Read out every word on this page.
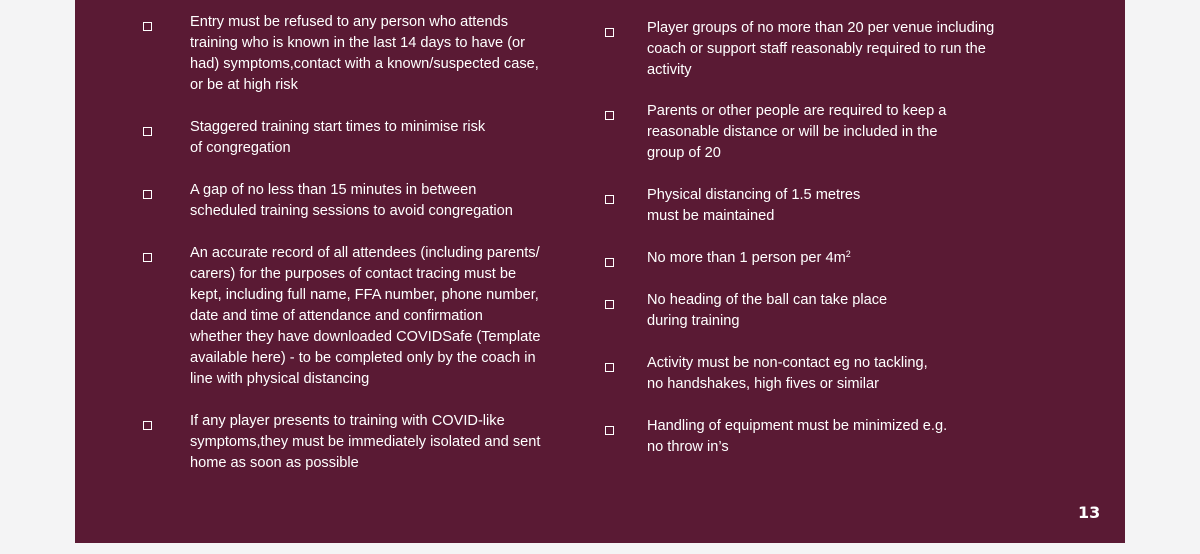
Entry must be refused to any person who attends
training who is known in the last 14 days to have (or
had) symptoms,contact with a known/suspected case,
or be at high risk
Staggered training start times to minimise risk
of congregation
A gap of no less than 15 minutes in between
scheduled training sessions to avoid congregation
An accurate record of all attendees (including parents/
carers) for the purposes of contact tracing must be
kept, including full name, FFA number, phone number,
date and time of attendance and confirmation
whether they have downloaded COVIDSafe (Template
available here) - to be completed only by the coach in
line with physical distancing
If any player presents to training with COVID-like
symptoms,they must be immediately isolated and sent
home as soon as possible
Player groups of no more than 20 per venue including
coach or support staff reasonably required to run the
activity
Parents or other people are required to keep a
reasonable distance or will be included in the
group of 20
Physical distancing of 1.5 metres
must be maintained
No more than 1 person per $4m^2$
No heading of the ball can take place
during training
Activity must be non-contact eg no tackling,
no handshakes, high fives or similar
Handling of equipment must be minimized e.g.
no throw in’s
13
